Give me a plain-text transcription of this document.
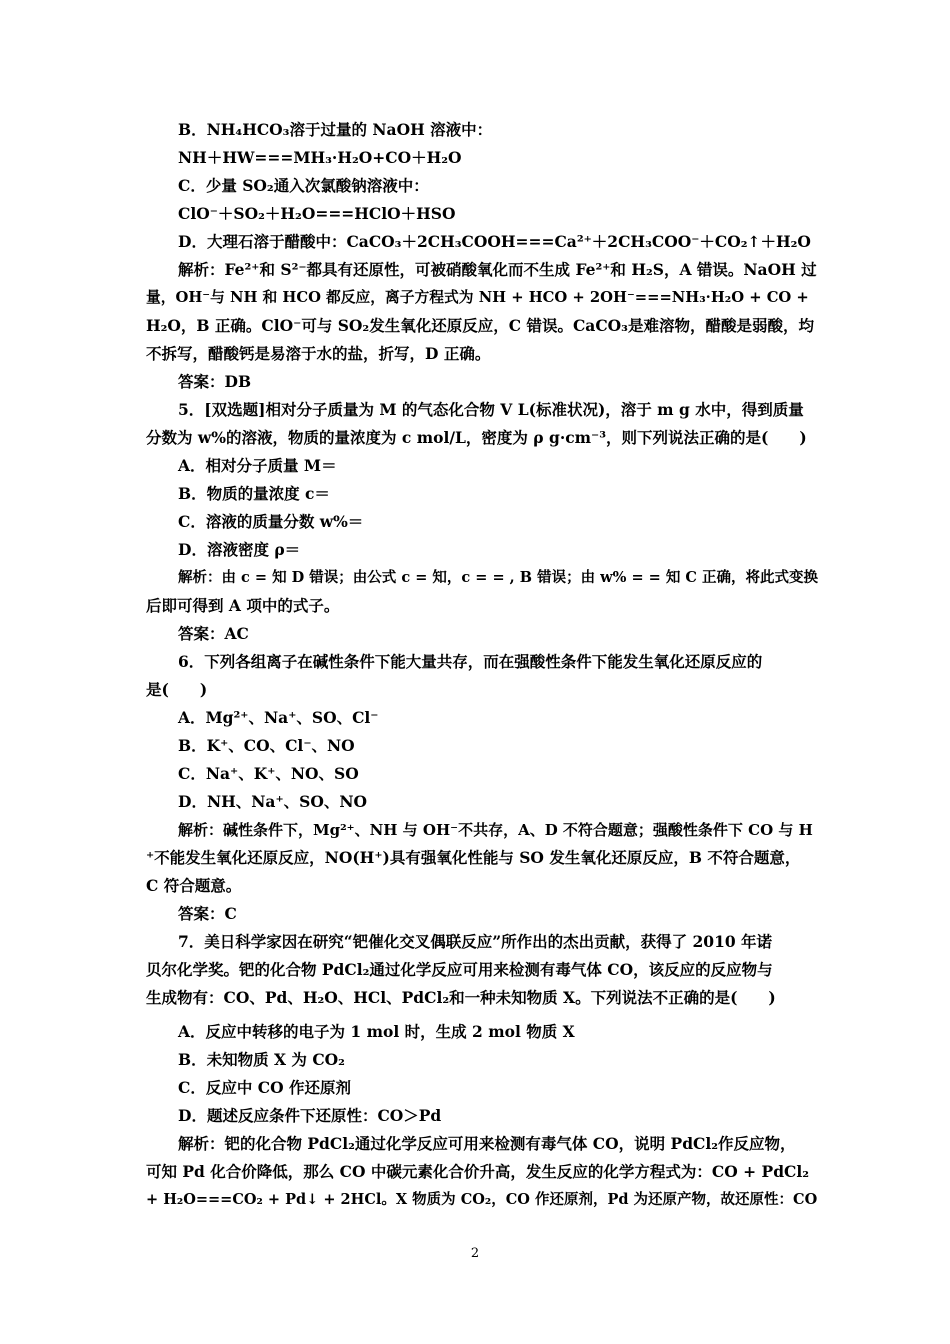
B．NH₄HCO₃溶于过量的 NaOH 溶液中：
NH＋HW===MH₃·H₂O+CO＋H₂O
C．少量 SO₂通入次氯酸钠溶液中：
ClO⁻＋SO₂＋H₂O===HClO＋HSO
D．大理石溶于醋酸中：CaCO₃＋2CH₃COOH===Ca²⁺＋2CH₃COO⁻＋CO₂↑＋H₂O
解析：Fe²⁺和 S²⁻都具有还原性，可被硝酸氧化而不生成 Fe²⁺和 H₂S，A 错误。NaOH 过
量，OH⁻与 NH 和 HCO 都反应，离子方程式为 NH + HCO + 2OH⁻===NH₃·H₂O + CO +
H₂O，B 正确。ClO⁻可与 SO₂发生氧化还原反应，C 错误。CaCO₃是难溶物，醋酸是弱酸，均
不拆写，醋酸钙是易溶于水的盐，折写，D 正确。
答案：DB
5．[双选题]相对分子质量为 M 的气态化合物 V L(标准状况)，溶于 m g 水中，得到质量
分数为 w%的溶液，物质的量浓度为 c mol/L，密度为 ρ g·cm⁻³，则下列说法正确的是(　　)
A．相对分子质量 M＝
B．物质的量浓度 c＝
C．溶液的质量分数 w%＝
D．溶液密度 ρ＝
解析：由 c = 知 D 错误；由公式 c = 知，c = = , B 错误；由 w% = = 知 C 正确，将此式变换
后即可得到 A 项中的式子。
答案：AC
6．下列各组离子在碱性条件下能大量共存，而在强酸性条件下能发生氧化还原反应的
是(　　)
A．Mg²⁺、Na⁺、SO、Cl⁻
B．K⁺、CO、Cl⁻、NO
C．Na⁺、K⁺、NO、SO
D．NH、Na⁺、SO、NO
解析：碱性条件下，Mg²⁺、NH 与 OH⁻不共存，A、D 不符合题意；强酸性条件下 CO 与 H
⁺不能发生氧化还原反应，NO(H⁺)具有强氧化性能与 SO 发生氧化还原反应，B 不符合题意，
C 符合题意。
答案：C
7．美日科学家因在研究“钯催化交叉偶联反应”所作出的杰出贡献，获得了 2010 年诺
贝尔化学奖。钯的化合物 PdCl₂通过化学反应可用来检测有毒气体 CO，该反应的反应物与
生成物有：CO、Pd、H₂O、HCl、PdCl₂和一种未知物质 X。下列说法不正确的是(　　)
A．反应中转移的电子为 1 mol 时，生成 2 mol 物质 X
B．未知物质 X 为 CO₂
C．反应中 CO 作还原剂
D．题述反应条件下还原性：CO＞Pd
解析：钯的化合物 PdCl₂通过化学反应可用来检测有毒气体 CO，说明 PdCl₂作反应物，
可知 Pd 化合价降低，那么 CO 中碳元素化合价升高，发生反应的化学方程式为：CO + PdCl₂
+ H₂O===CO₂ + Pd↓ + 2HCl。X 物质为 CO₂，CO 作还原剂，Pd 为还原产物，故还原性：CO
2
